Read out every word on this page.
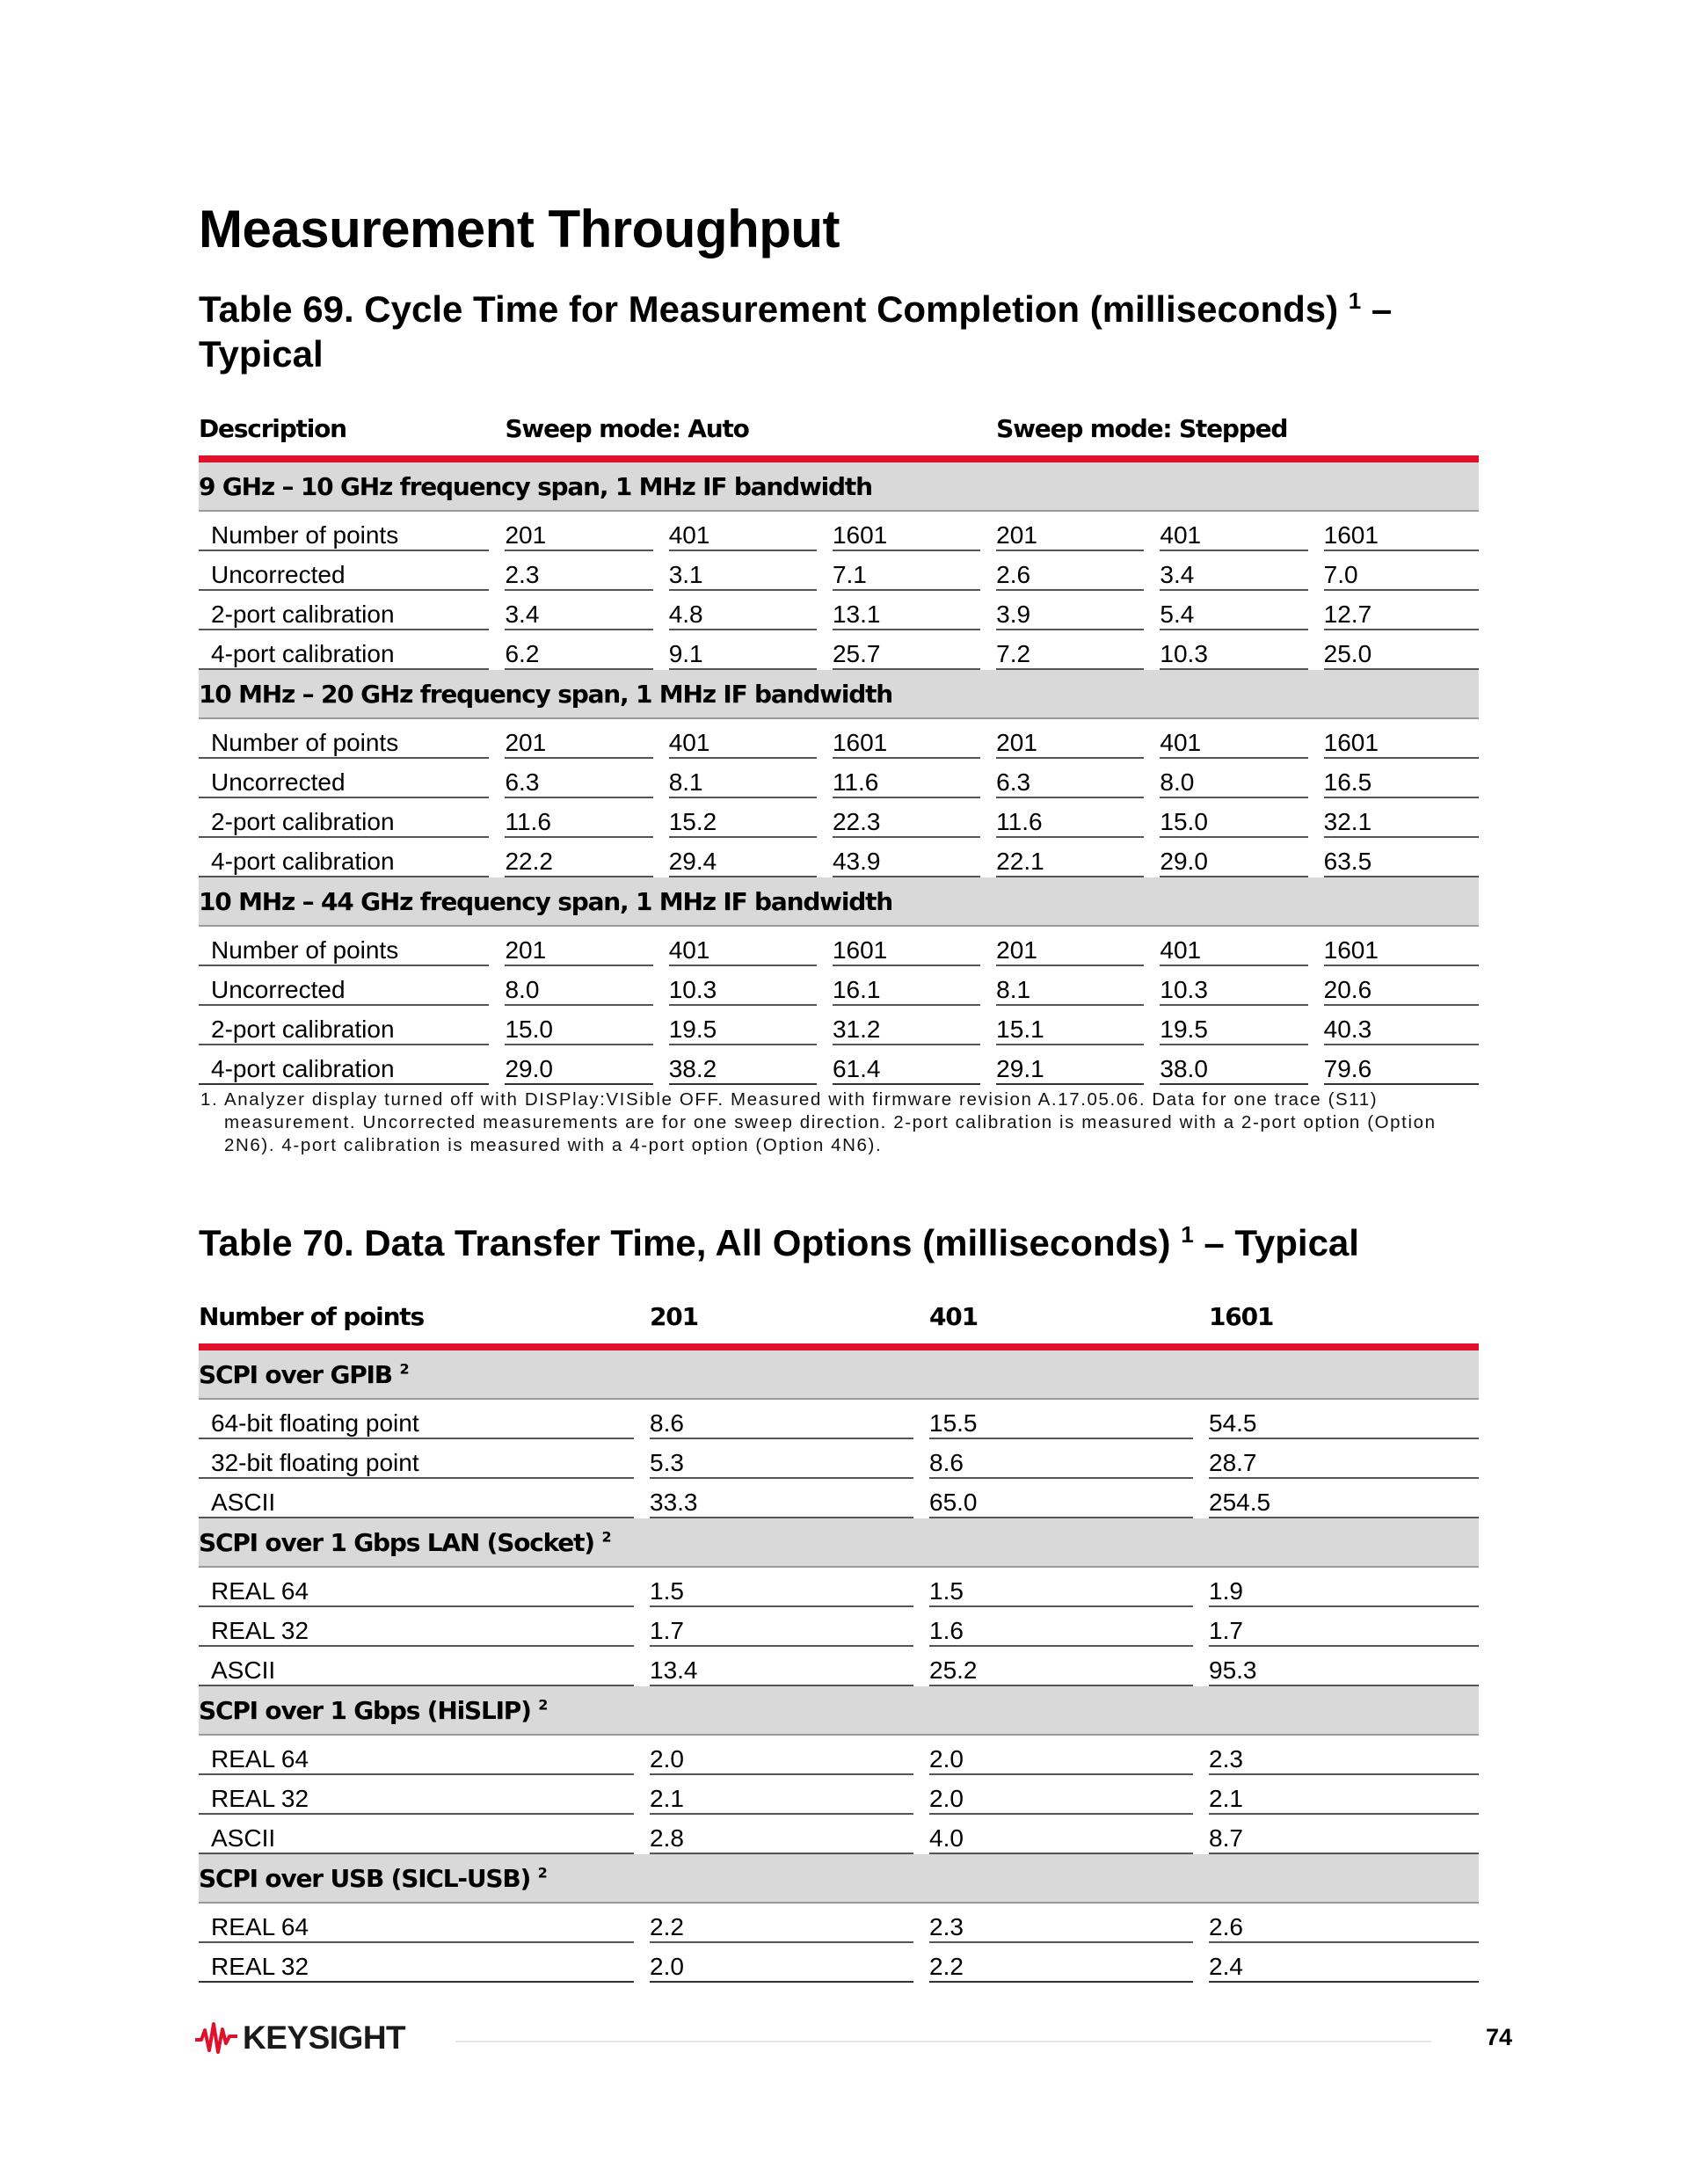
Measurement Throughput
Table 69. Cycle Time for Measurement Completion (milliseconds) $^1$ – Typical
Description		Sweep mode: Auto						Sweep mode: Stepped				

9 GHz – 10 GHz frequency span, 1 MHz IF bandwidth												
Number of points		201		401		1601		201		401		1601
Uncorrected		2.3		3.1		7.1		2.6		3.4		7.0
2-port calibration		3.4		4.8		13.1		3.9		5.4		12.7
4-port calibration		6.2		9.1		25.7		7.2		10.3		25.0
10 MHz – 20 GHz frequency span, 1 MHz IF bandwidth												
Number of points		201		401		1601		201		401		1601
Uncorrected		6.3		8.1		11.6		6.3		8.0		16.5
2-port calibration		11.6		15.2		22.3		11.6		15.0		32.1
4-port calibration		22.2		29.4		43.9		22.1		29.0		63.5
10 MHz – 44 GHz frequency span, 1 MHz IF bandwidth												
Number of points		201		401		1601		201		401		1601
Uncorrected		8.0		10.3		16.1		8.1		10.3		20.6
2-port calibration		15.0		19.5		31.2		15.1		19.5		40.3
4-port calibration		29.0		38.2		61.4		29.1		38.0		79.6
1. Analyzer display turned off with DISPlay:VISible OFF. Measured with firmware revision A.17.05.06. Data for one trace (S11) measurement. Uncorrected measurements are for one sweep direction. 2-port calibration is measured with a 2-port option (Option 2N6). 4-port calibration is measured with a 4-port option (Option 4N6).
Table 70. Data Transfer Time, All Options (milliseconds) $^1$ – Typical
Number of points		201		401		1601

SCPI over GPIB $^2$
64-bit floating point		8.6		15.5		54.5
32-bit floating point		5.3		8.6		28.7
ASCII		33.3		65.0		254.5
SCPI over 1 Gbps LAN (Socket) $^2$
REAL 64		1.5		1.5		1.9
REAL 32		1.7		1.6		1.7
ASCII		13.4		25.2		95.3
SCPI over 1 Gbps (HiSLIP) $^2$
REAL 64		2.0		2.0		2.3
REAL 32		2.1		2.0		2.1
ASCII		2.8		4.0		8.7
SCPI over USB (SICL-USB) $^2$
REAL 64		2.2		2.3		2.6
REAL 32		2.0		2.2		2.4
KEYSIGHT	74
